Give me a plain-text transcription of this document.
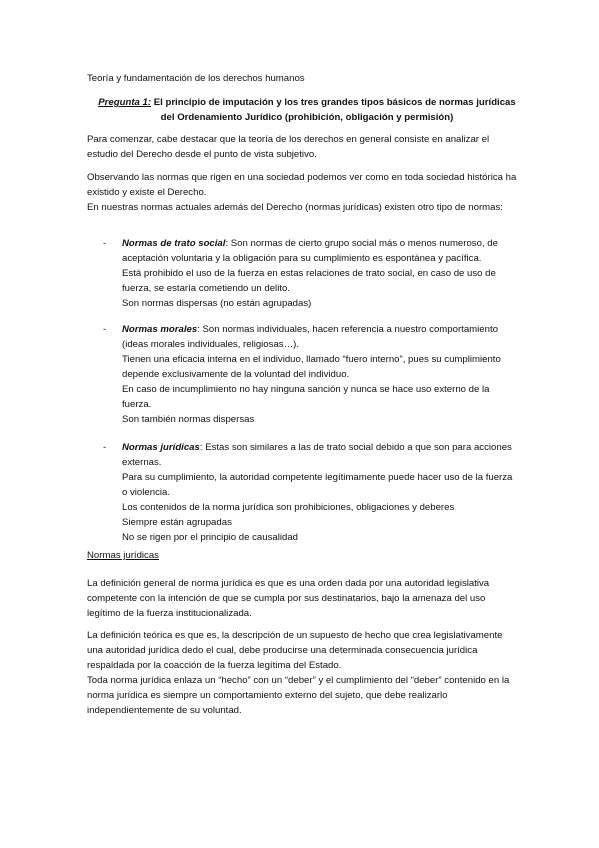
Teoría y fundamentación de los derechos humanos
Pregunta 1: El principio de imputación y los tres grandes tipos básicos de normas jurídicas
del Ordenamiento Jurídico (prohibición, obligación y permisión)
Para comenzar, cabe destacar que la teoría de los derechos en general consiste en analizar el estudio del Derecho desde el punto de vista subjetivo.
Observando las normas que rigen en una sociedad podemos ver como en toda sociedad histórica ha existido y existe el Derecho.
En nuestras normas actuales además del Derecho (normas jurídicas) existen otro tipo de normas:
- Normas de trato social: Son normas de cierto grupo social más o menos numeroso, de aceptación voluntaria y la obligación para su cumplimiento es espontánea y pacífica.
Está prohibido el uso de la fuerza en estas relaciones de trato social, en caso de uso de fuerza, se estaría cometiendo un delito.
Son normas dispersas (no están agrupadas)
- Normas morales: Son normas individuales, hacen referencia a nuestro comportamiento (ideas morales individuales, religiosas…).
Tienen una eficacia interna en el individuo, llamado “fuero interno”, pues su cumplimiento depende exclusivamente de la voluntad del individuo.
En caso de incumplimiento no hay ninguna sanción y nunca se hace uso externo de la fuerza.
Son también normas dispersas
- Normas jurídicas: Estas son similares a las de trato social debido a que son para acciones externas.
Para su cumplimiento, la autoridad competente legítimamente puede hacer uso de la fuerza o violencia.
Los contenidos de la norma jurídica son prohibiciones, obligaciones y deberes
Siempre están agrupadas
No se rigen por el principio de causalidad
Normas jurídicas
La definición general de norma jurídica es que es una orden dada por una autoridad legislativa competente con la intención de que se cumpla por sus destinatarios, bajo la amenaza del uso legítimo de la fuerza institucionalizada.
La definición teórica es que es, la descripción de un supuesto de hecho que crea legislativamente una autoridad jurídica dedo el cual, debe producirse una determinada consecuencia jurídica respaldada por la coacción de la fuerza legítima del Estado.
Toda norma jurídica enlaza un “hecho” con un “deber” y el cumplimiento del “deber” contenido en la norma jurídica es siempre un comportamiento externo del sujeto, que debe realizarlo independientemente de su voluntad.
